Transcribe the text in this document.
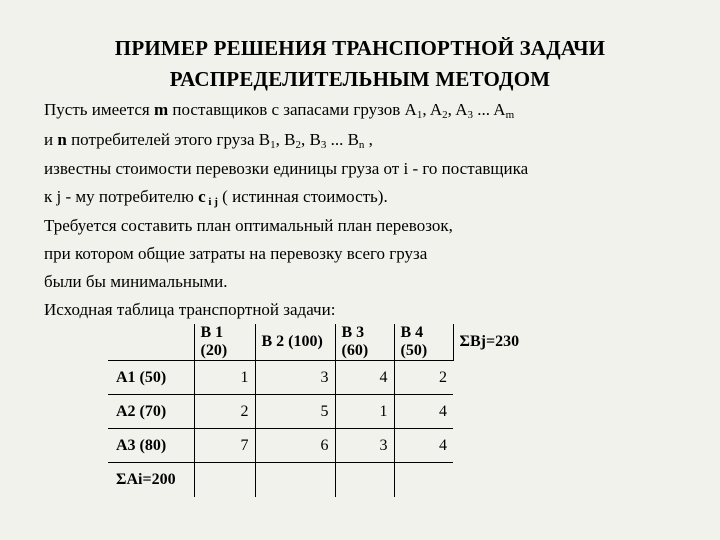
ПРИМЕР РЕШЕНИЯ ТРАНСПОРТНОЙ ЗАДАЧИ
РАСПРЕДЕЛИТЕЛЬНЫМ МЕТОДОМ
Пусть имеется m поставщиков с запасами грузов $A_1$, $A_2$, $A_3$ ... $A_m$
и n потребителей этого груза $B_1$, $B_2$, $B_3$ ... $B_n$ ,
известны стоимости перевозки единицы груза от i - го поставщика
к j - му потребителю c $_{i j}$ ( истинная стоимость).
Требуется составить план оптимальный план перевозок,
при котором общие затраты на перевозку всего груза
были бы минимальными.
Исходная таблица транспортной задачи:
	B 1 (20)	B 2 (100)	B 3 (60)	B 4 (50)	ΣBj=230
A1 (50)	1	3	4	2	
A2 (70)	2	5	1	4	
A3 (80)	7	6	3	4	
ΣAi=200					
